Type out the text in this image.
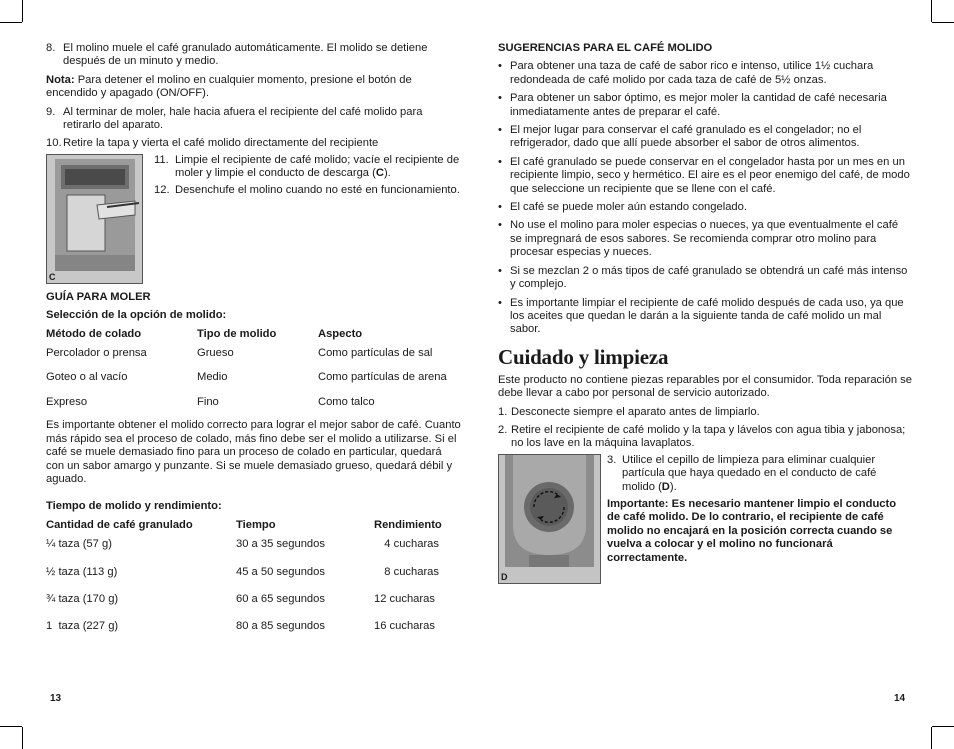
8. El molino muele el café granulado automáticamente. El molido se detiene después de un minuto y medio.

Nota: Para detener el molino en cualquier momento, presione el botón de encendido y apagado (ON/OFF).

9. Al terminar de moler, hale hacia afuera el recipiente del café molido para retirarlo del aparato.
10. Retire la tapa y vierta el café molido directamente del recipiente
C
11. Limpie el recipiente de café molido; vacíe el recipiente de moler y limpie el conducto de descarga (C).
12. Desenchufe el molino cuando no esté en funcionamiento.

GUÍA PARA MOLER

Selección de la opción de molido:

Método de colado	Tipo de molido	Aspecto
Percolador o prensa	Grueso	Como partículas de sal
Goteo o al vacío	Medio	Como partículas de arena
Expreso	Fino	Como talco

Es importante obtener el molido correcto para lograr el mejor sabor de café. Cuanto más rápido sea el proceso de colado, más fino debe ser el molido a utilizarse. Si el café se muele demasiado fino para un proceso de colado en particular, quedará con un sabor amargo y punzante. Si se muele demasiado grueso, quedará débil y aguado.

Tiempo de molido y rendimiento:

Cantidad de café granulado	Tiempo	Rendimiento
¼ taza (57 g)	30 a 35 segundos	4 cucharas
½ taza (113 g)	45 a 50 segundos	8 cucharas
¾ taza (170 g)	60 a 65 segundos	12 cucharas
1  taza (227 g)	80 a 85 segundos	16 cucharas
13

SUGERENCIAS PARA EL CAFÉ MOLIDO

• Para obtener una taza de café de sabor rico e intenso, utilice 1½ cuchara redondeada de café molido por cada taza de café de 5½ onzas.
• Para obtener un sabor óptimo, es mejor moler la cantidad de café necesaria inmediatamente antes de preparar el café.
• El mejor lugar para conservar el café granulado es el congelador; no el refrigerador, dado que allí puede absorber el sabor de otros alimentos.
• El café granulado se puede conservar en el congelador hasta por un mes en un recipiente limpio, seco y hermético. El aire es el peor enemigo del café, de modo que seleccione un recipiente que se llene con el café.
• El café se puede moler aún estando congelado.
• No use el molino para moler especias o nueces, ya que eventualmente el café se impregnará de esos sabores. Se recomienda comprar otro molino para procesar especias y nueces.
• Si se mezclan 2 o más tipos de café granulado se obtendrá un café más intenso y complejo.
• Es importante limpiar el recipiente de café molido después de cada uso, ya que los aceites que quedan le darán a la siguiente tanda de café molido un mal sabor.
Cuidado y limpieza

Este producto no contiene piezas reparables por el consumidor. Toda reparación se debe llevar a cabo por personal de servicio autorizado.

1. Desconecte siempre el aparato antes de limpiarlo.
2. Retire el recipiente de café molido y la tapa y lávelos con agua tibia y jabonosa; no los lave en la máquina lavaplatos.
D
3. Utilice el cepillo de limpieza para eliminar cualquier partícula que haya quedado en el conducto de café molido (D).

Importante: Es necesario mantener limpio el conducto de café molido. De lo contrario, el recipiente de café molido no encajará en la posición correcta cuando se vuelva a colocar y el molino no funcionará correctamente.

14
